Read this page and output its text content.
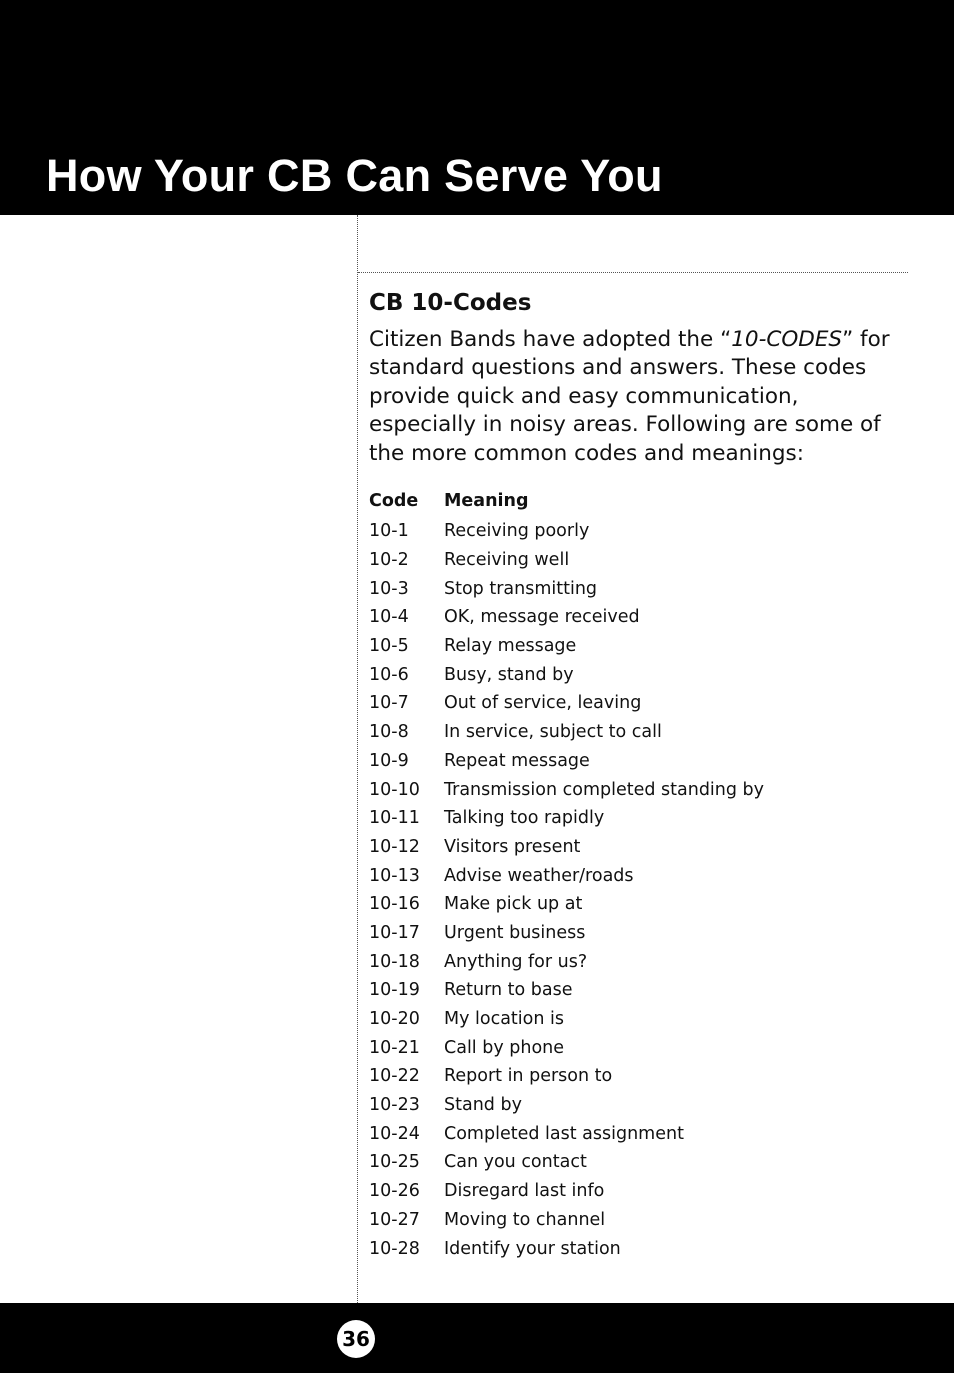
How Your CB Can Serve You
CB 10-Codes

Citizen Bands have adopted the “10-CODES” for standard questions and answers. These codes provide quick and easy communication, especially in noisy areas. Following are some of the more common codes and meanings:

Code	Meaning
10-1	Receiving poorly
10-2	Receiving well
10-3	Stop transmitting
10-4	OK, message received
10-5	Relay message
10-6	Busy, stand by
10-7	Out of service, leaving
10-8	In service, subject to call
10-9	Repeat message
10-10	Transmission completed standing by
10-11	Talking too rapidly
10-12	Visitors present
10-13	Advise weather/roads
10-16	Make pick up at
10-17	Urgent business
10-18	Anything for us?
10-19	Return to base
10-20	My location is
10-21	Call by phone
10-22	Report in person to
10-23	Stand by
10-24	Completed last assignment
10-25	Can you contact
10-26	Disregard last info
10-27	Moving to channel
10-28	Identify your station
36
